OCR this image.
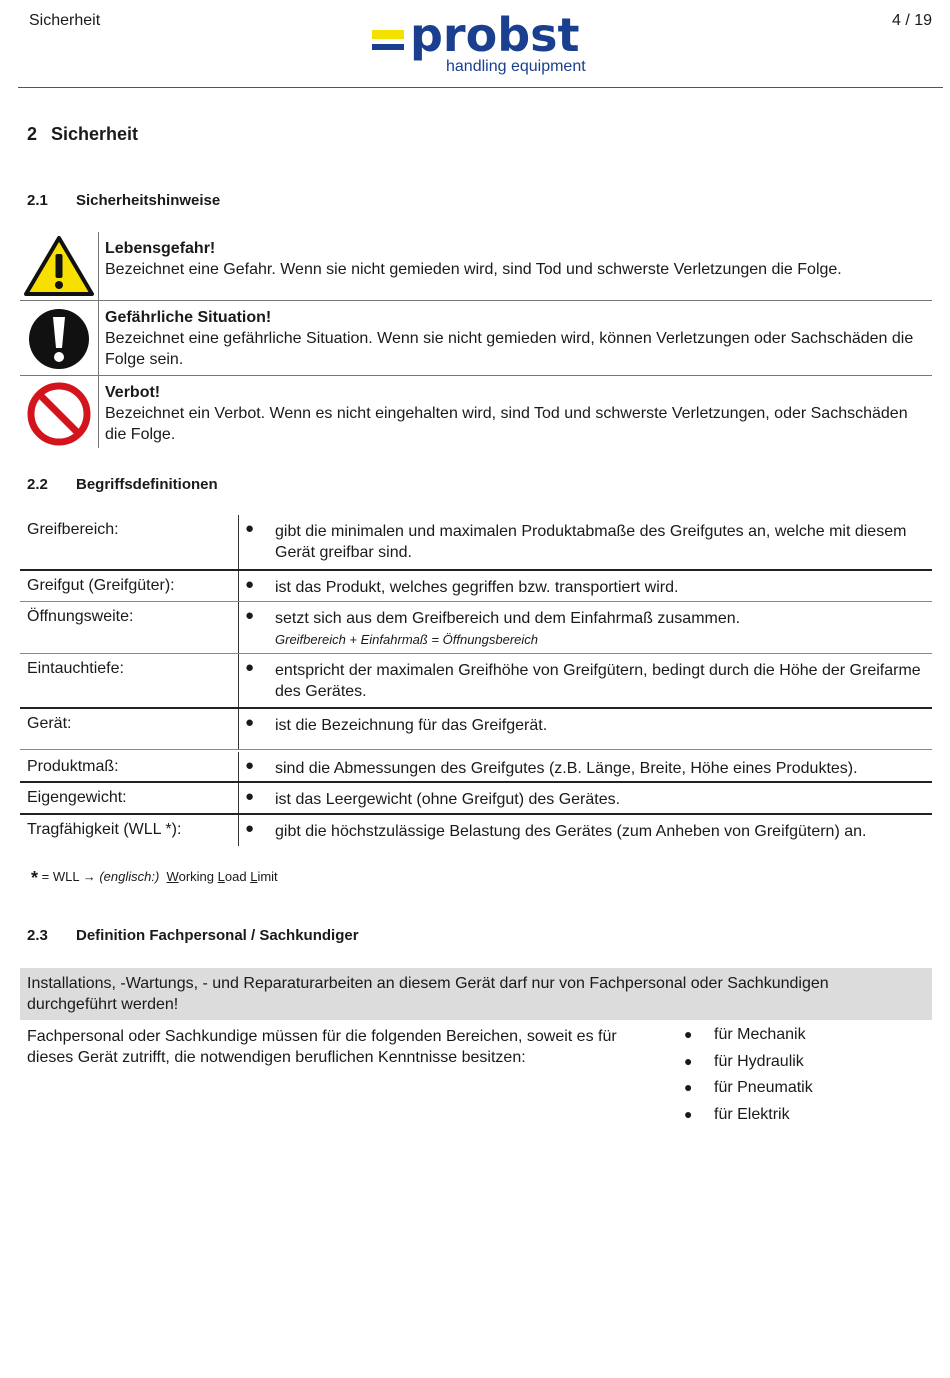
Sicherheit	probst
handling equipment
4 / 19
2 Sicherheit
2.1 Sicherheitshinweise
Lebensgefahr!
Bezeichnet eine Gefahr. Wenn sie nicht gemieden wird, sind Tod und schwerste Verletzungen die Folge.
Gefährliche Situation!
Bezeichnet eine gefährliche Situation. Wenn sie nicht gemieden wird, können Verletzungen oder Sachschäden die Folge sein.
Verbot!
Bezeichnet ein Verbot. Wenn es nicht eingehalten wird, sind Tod und schwerste Verletzungen, oder Sachschäden die Folge.
2.2 Begriffsdefinitionen
Greifbereich:	● gibt die minimalen und maximalen Produktabmaße des Greifgutes an, welche mit diesem Gerät greifbar sind.
Greifgut (Greifgüter):	● ist das Produkt, welches gegriffen bzw. transportiert wird.
Öffnungsweite:	● setzt sich aus dem Greifbereich und dem Einfahrmaß zusammen.
Greifbereich + Einfahrmaß = Öffnungsbereich
Eintauchtiefe:	● entspricht der maximalen Greifhöhe von Greifgütern, bedingt durch die Höhe der Greifarme des Gerätes.
Gerät:	● ist die Bezeichnung für das Greifgerät.
Produktmaß:	● sind die Abmessungen des Greifgutes (z.B. Länge, Breite, Höhe eines Produktes).
Eigengewicht:	● ist das Leergewicht (ohne Greifgut) des Gerätes.
Tragfähigkeit (WLL *):	● gibt die höchstzulässige Belastung des Gerätes (zum Anheben von Greifgütern) an.
* = WLL → (englisch:) Working Load Limit
2.3 Definition Fachpersonal / Sachkundiger
Installations, -Wartungs, - und Reparaturarbeiten an diesem Gerät darf nur von Fachpersonal oder Sachkundigen durchgeführt werden!
Fachpersonal oder Sachkundige müssen für die folgenden Bereichen, soweit es für dieses Gerät zutrifft, die notwendigen beruflichen Kenntnisse besitzen:
●	für Mechanik
●	für Hydraulik
●	für Pneumatik
●	für Elektrik
